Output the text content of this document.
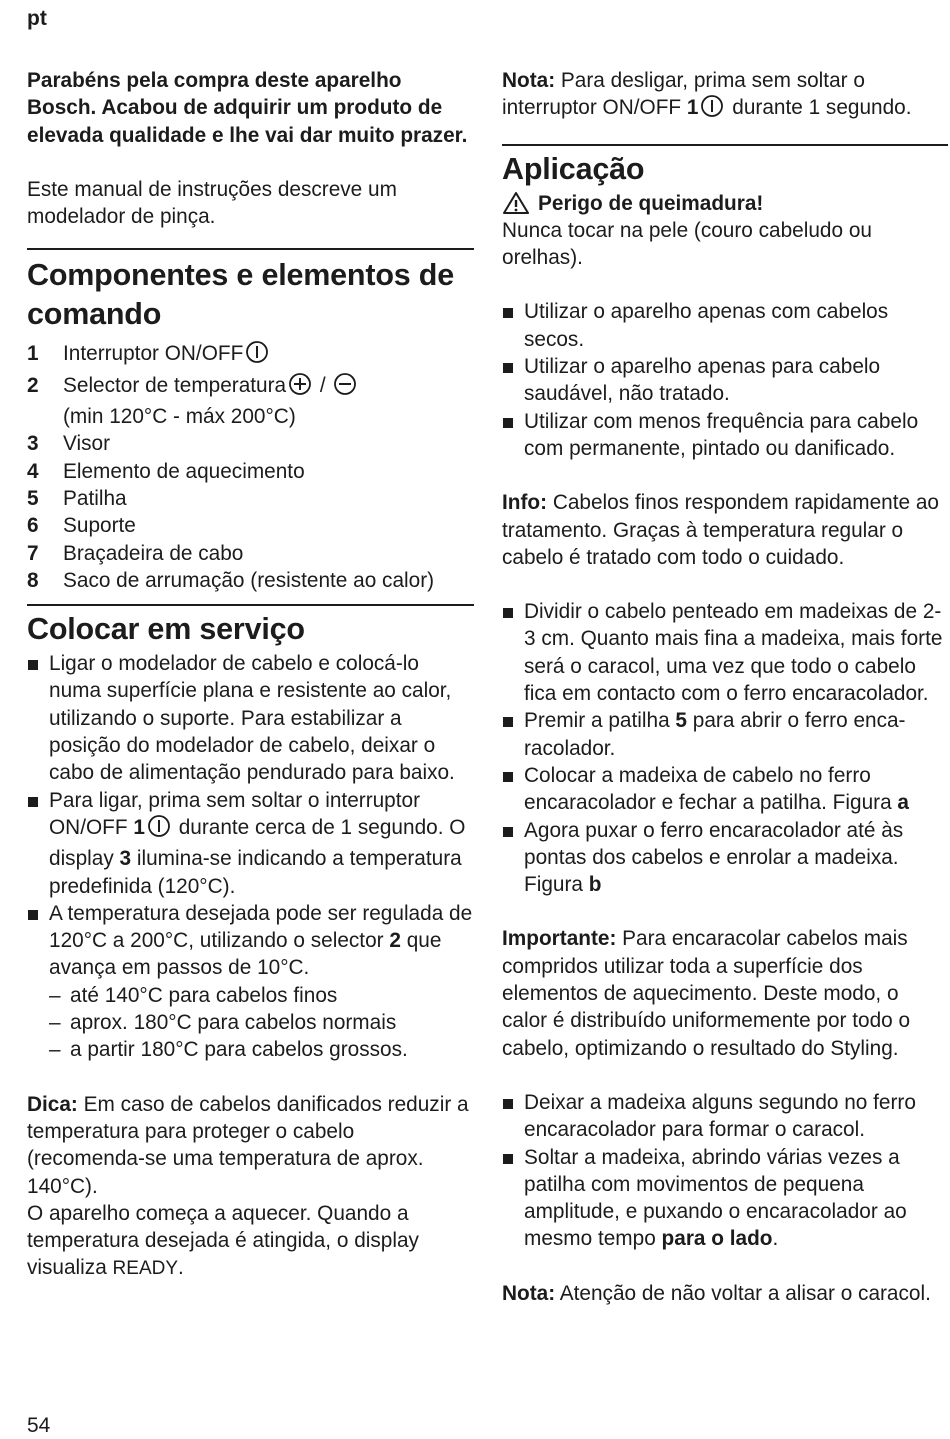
pt

Parabéns pela compra deste aparelho Bosch. Acabou de adquirir um produto de elevada qualidade e lhe vai dar muito prazer.

Este manual de instruções descreve um modelador de pinça.

Componentes e elementos de comando
1	Interruptor ON/OFF
2	Selector de temperatura /
(min 120°C - máx 200°C)
3	Visor
4	Elemento de aquecimento
5	Patilha
6	Suporte
7	Braçadeira de cabo
8	Saco de arrumação (resistente ao calor)
Colocar em serviço
Ligar o modelador de cabelo e colocá-lo numa superfície plana e resistente ao calor, utilizando o suporte. Para estabilizar a posição do modelador de cabelo, deixar o cabo de alimentação pendurado para baixo.
Para ligar, prima sem soltar o interruptor ON/OFF 1 durante cerca de 1 segundo. O display 3 ilumina-se indicando a temperatura predefinida (120°C).
A temperatura desejada pode ser regulada de 120°C a 200°C, utilizando o selector 2 que avança em passos de 10°C.
– até 140°C para cabelos finos
– aprox. 180°C para cabelos normais
– a partir 180°C para cabelos grossos.

Dica: Em caso de cabelos danificados reduzir a temperatura para proteger o cabelo (recomenda-se uma temperatura de aprox. 140°C).

O aparelho começa a aquecer. Quando a temperatura desejada é atingida, o display visualiza READY.

Nota: Para desligar, prima sem soltar o interruptor ON/OFF 1 durante 1 segundo.

Aplicação
Perigo de queimadura!

Nunca tocar na pele (couro cabeludo ou orelhas).

Utilizar o aparelho apenas com cabelos secos.
Utilizar o aparelho apenas para cabelo saudável, não tratado.
Utilizar com menos frequência para cabelo com permanente, pintado ou danificado.

Info: Cabelos finos respondem rapidamente ao tratamento. Graças à temperatura regular o cabelo é tratado com todo o cuidado.

Dividir o cabelo penteado em madeixas de 2-3 cm. Quanto mais fina a madeixa, mais forte será o caracol, uma vez que todo o cabelo fica em contacto com o ferro encaracolador.
Premir a patilha 5 para abrir o ferro enca-racolador.
Colocar a madeixa de cabelo no ferro encaracolador e fechar a patilha. Figura a
Agora puxar o ferro encaracolador até às pontas dos cabelos e enrolar a madeixa. Figura b

Importante: Para encaracolar cabelos mais compridos utilizar toda a superfície dos elementos de aquecimento. Deste modo, o calor é distribuído uniformemente por todo o cabelo, optimizando o resultado do Styling.

Deixar a madeixa alguns segundo no ferro encaracolador para formar o caracol.
Soltar a madeixa, abrindo várias vezes a patilha com movimentos de pequena amplitude, e puxando o encaracolador ao mesmo tempo para o lado.

Nota: Atenção de não voltar a alisar o caracol.

54
